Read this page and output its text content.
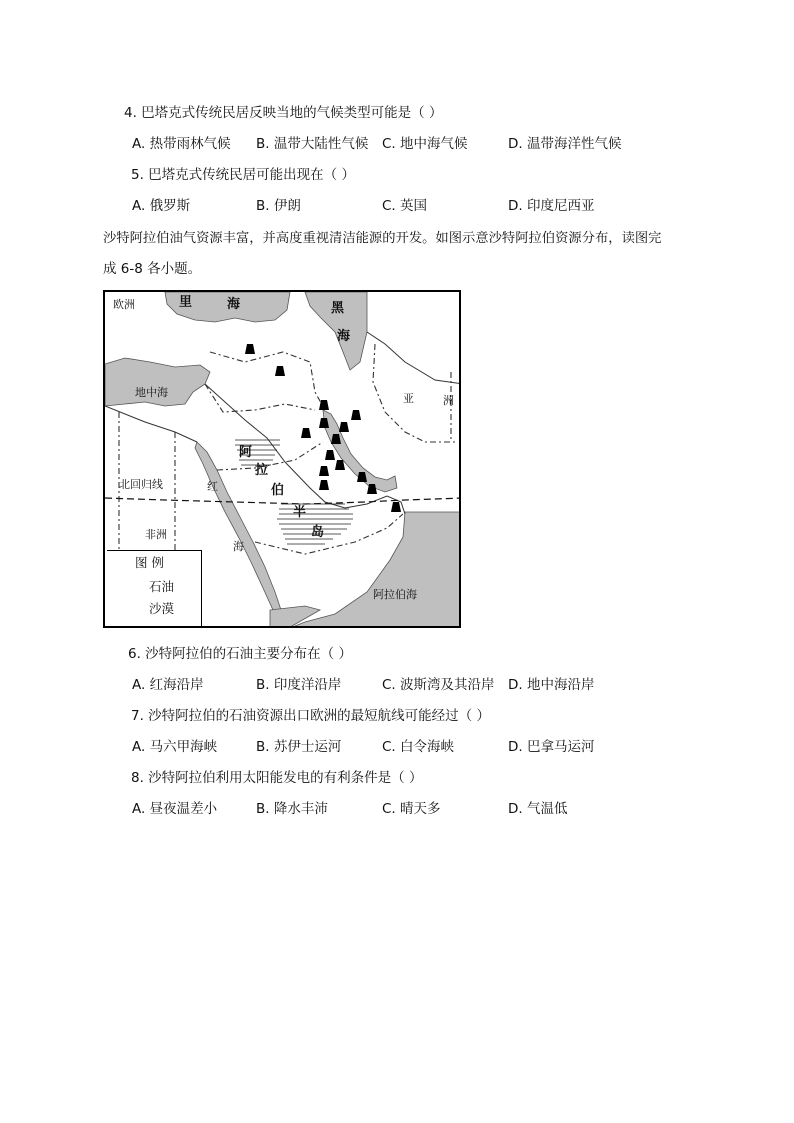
4. 巴塔克式传统民居反映当地的气候类型可能是（ ）
A. 热带雨林气候 B. 温带大陆性气候 C. 地中海气候	D. 温带海洋性气候
5. 巴塔克式传统民居可能出现在（ ）
A. 俄罗斯	B. 伊朗	C. 英国	D. 印度尼西亚
沙特阿拉伯油气资源丰富，并高度重视清洁能源的开发。如图示意沙特阿拉伯资源分布，读图完
成 6-8 各小题。
欧洲	里	海	黑
海
地中海	亚	洲
北回归线	红
海
非洲
阿拉伯海
阿
拉
伯
半
岛
图 例
石油
沙漠
6. 沙特阿拉伯的石油主要分布在（ ）
A. 红海沿岸	B. 印度洋沿岸	C. 波斯湾及其沿岸 D. 地中海沿岸
7. 沙特阿拉伯的石油资源出口欧洲的最短航线可能经过（ ）
A. 马六甲海峡	B. 苏伊士运河	C. 白令海峡	D. 巴拿马运河
8. 沙特阿拉伯利用太阳能发电的有利条件是（ ）
A. 昼夜温差小	B. 降水丰沛	C. 晴天多	D. 气温低
